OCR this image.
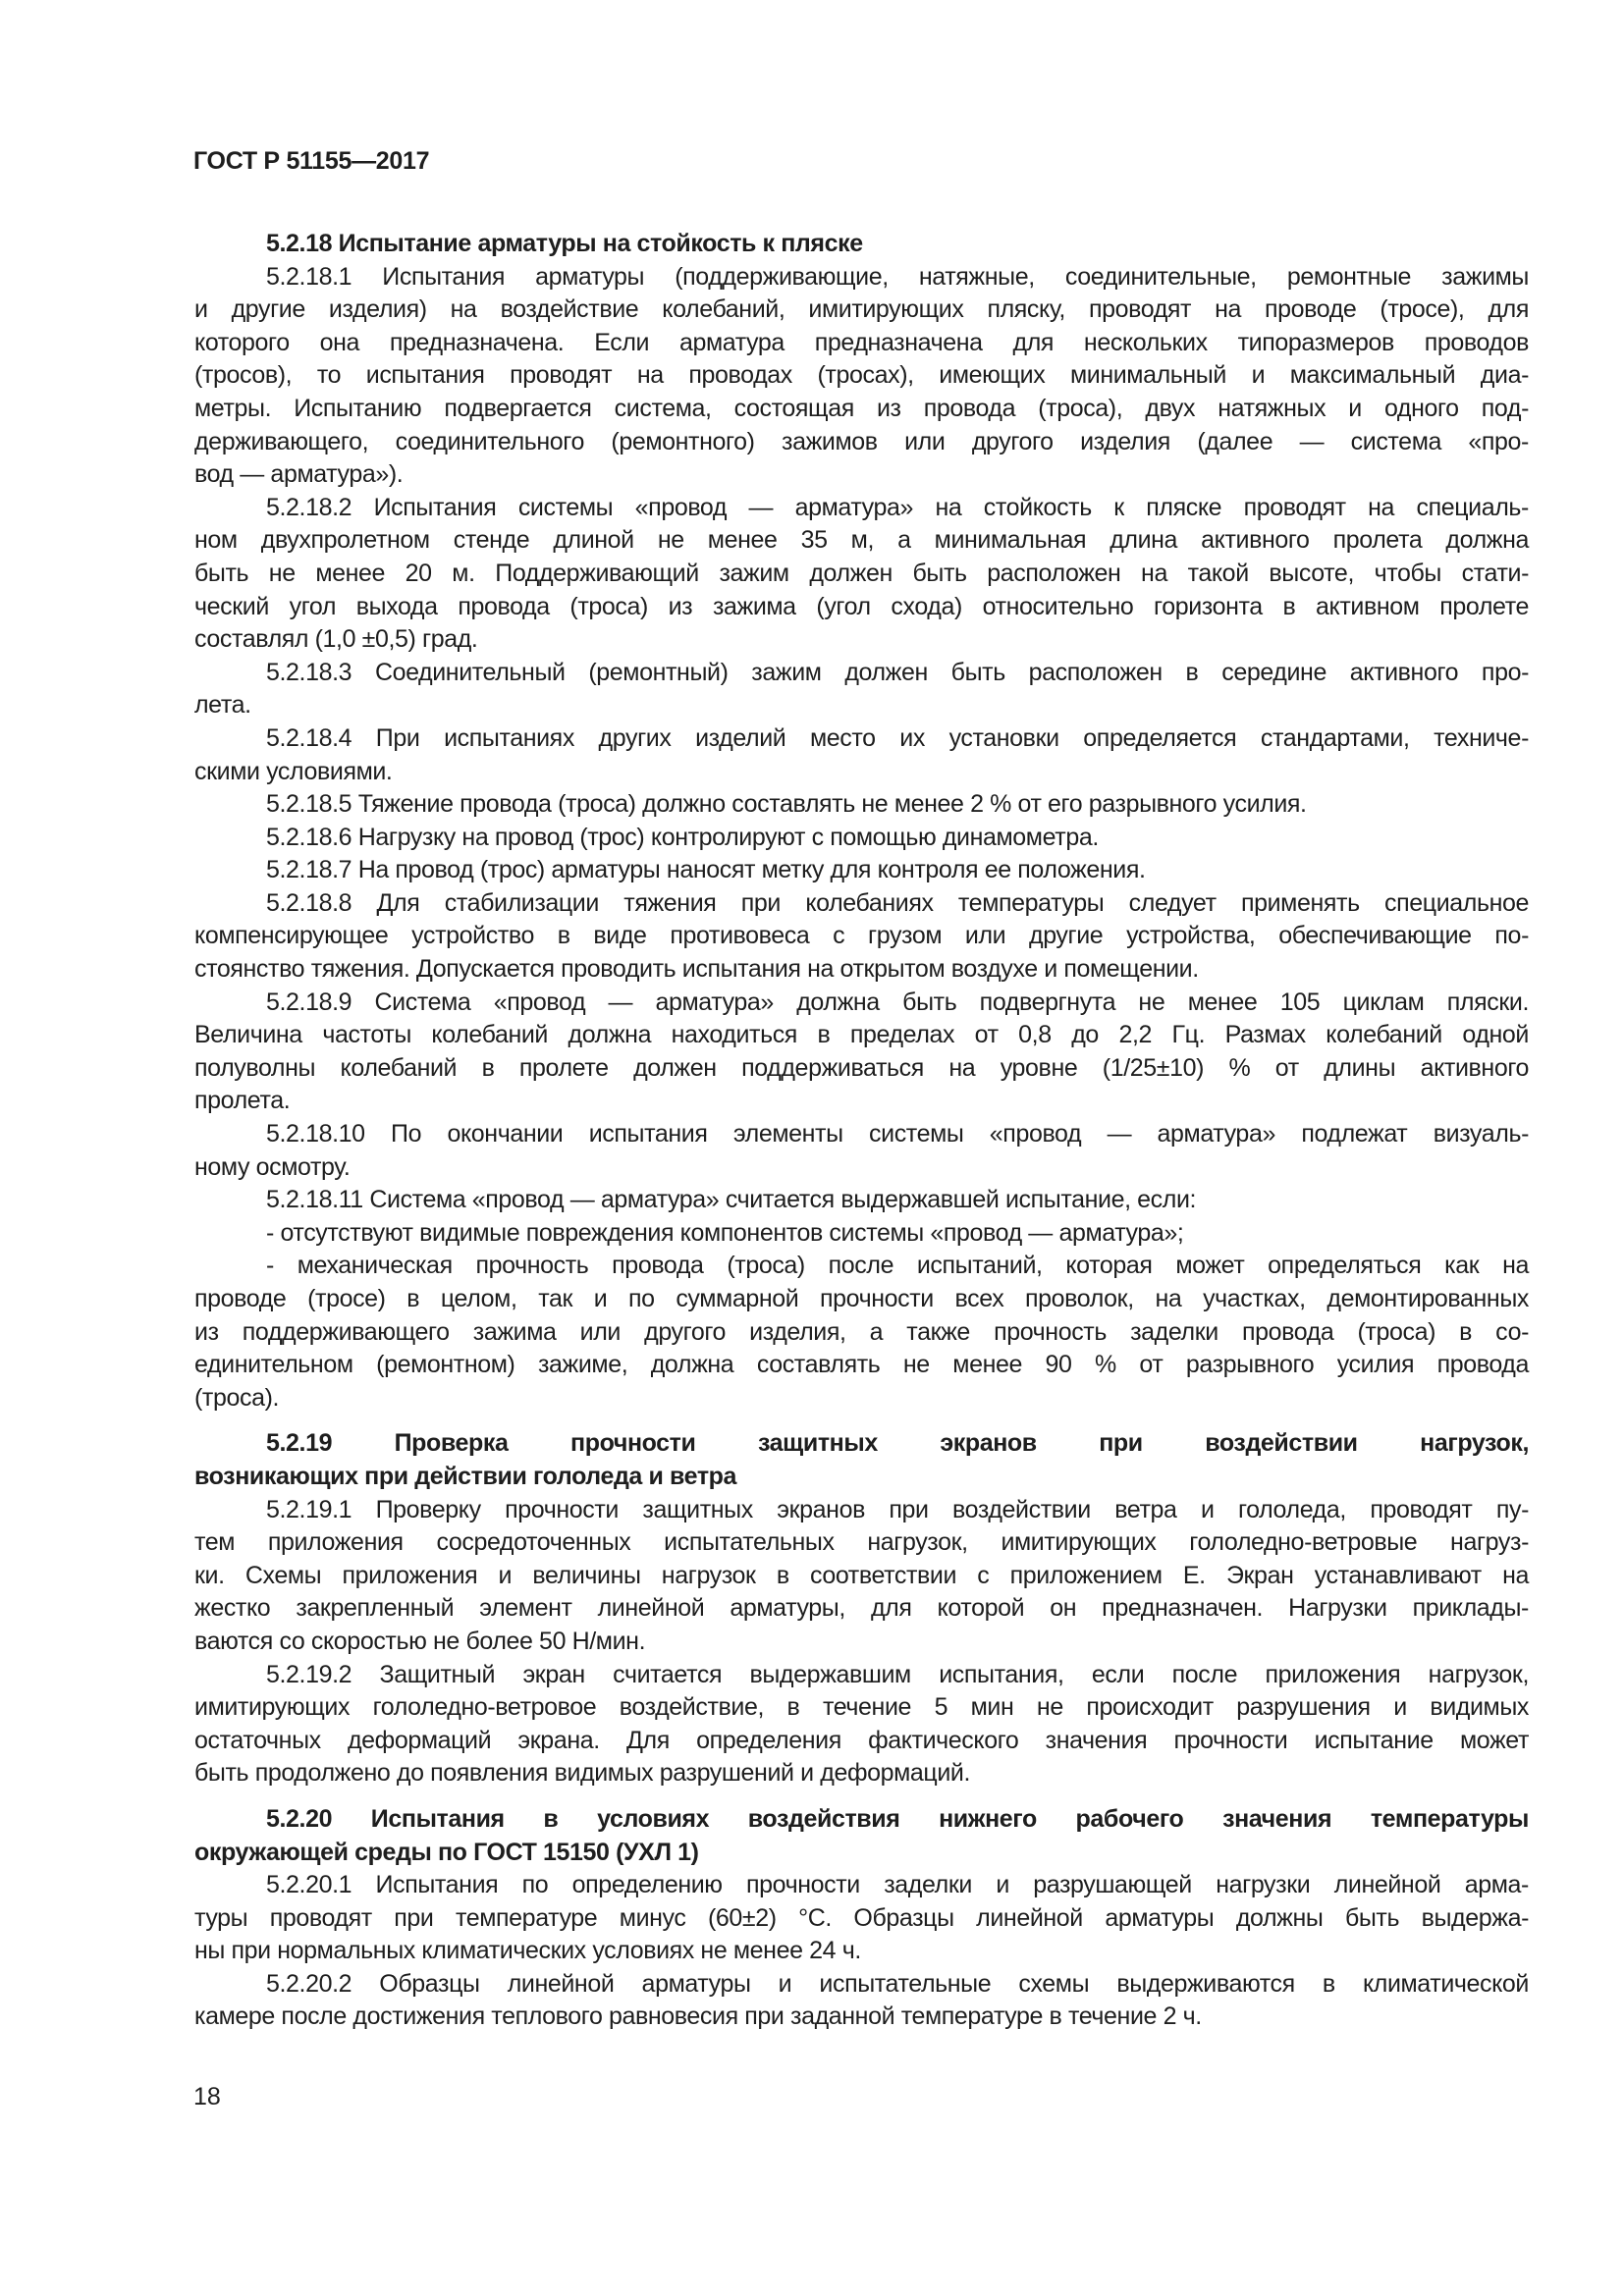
ГОСТ Р 51155—2017
5.2.18 Испытание арматуры на стойкость к пляске
5.2.18.1 Испытания арматуры (поддерживающие, натяжные, соединительные, ремонтные зажимы
и другие изделия) на воздействие колебаний, имитирующих пляску, проводят на проводе (тросе), для
которого она предназначена. Если арматура предназначена для нескольких типоразмеров проводов
(тросов), то испытания проводят на проводах (тросах), имеющих минимальный и максимальный диа-
метры. Испытанию подвергается система, состоящая из провода (троса), двух натяжных и одного под-
держивающего, соединительного (ремонтного) зажимов или другого изделия (далее — система «про-
вод — арматура»).
5.2.18.2 Испытания системы «провод — арматура» на стойкость к пляске проводят на специаль-
ном двухпролетном стенде длиной не менее 35 м, а минимальная длина активного пролета должна
быть не менее 20 м. Поддерживающий зажим должен быть расположен на такой высоте, чтобы стати-
ческий угол выхода провода (троса) из зажима (угол схода) относительно горизонта в активном пролете
составлял (1,0 ±0,5) град.
5.2.18.3 Соединительный (ремонтный) зажим должен быть расположен в середине активного про-
лета.
5.2.18.4 При испытаниях других изделий место их установки определяется стандартами, техниче-
скими условиями.
5.2.18.5 Тяжение провода (троса) должно составлять не менее 2 % от его разрывного усилия.
5.2.18.6 Нагрузку на провод (трос) контролируют с помощью динамометра.
5.2.18.7 На провод (трос) арматуры наносят метку для контроля ее положения.
5.2.18.8 Для стабилизации тяжения при колебаниях температуры следует применять специальное
компенсирующее устройство в виде противовеса с грузом или другие устройства, обеспечивающие по-
стоянство тяжения. Допускается проводить испытания на открытом воздухе и помещении.
5.2.18.9 Система «провод — арматура» должна быть подвергнута не менее 105 циклам пляски.
Величина частоты колебаний должна находиться в пределах от 0,8 до 2,2 Гц. Размах колебаний одной
полуволны колебаний в пролете должен поддерживаться на уровне (1/25±10) % от длины активного
пролета.
5.2.18.10 По окончании испытания элементы системы «провод — арматура» подлежат визуаль-
ному осмотру.
5.2.18.11 Система «провод — арматура» считается выдержавшей испытание, если:
- отсутствуют видимые повреждения компонентов системы «провод — арматура»;
- механическая прочность провода (троса) после испытаний, которая может определяться как на
проводе (тросе) в целом, так и по суммарной прочности всех проволок, на участках, демонтированных
из поддерживающего зажима или другого изделия, а также прочность заделки провода (троса) в со-
единительном (ремонтном) зажиме, должна составлять не менее 90 % от разрывного усилия провода
(троса).
5.2.19 Проверка прочности защитных экранов при воздействии нагрузок,
возникающих при действии гололеда и ветра
5.2.19.1 Проверку прочности защитных экранов при воздействии ветра и гололеда, проводят пу-
тем приложения сосредоточенных испытательных нагрузок, имитирующих гололедно-ветровые нагруз-
ки. Схемы приложения и величины нагрузок в соответствии с приложением Е. Экран устанавливают на
жестко закрепленный элемент линейной арматуры, для которой он предназначен. Нагрузки приклады-
ваются со скоростью не более 50 Н/мин.
5.2.19.2 Защитный экран считается выдержавшим испытания, если после приложения нагрузок,
имитирующих гололедно-ветровое воздействие, в течение 5 мин не происходит разрушения и видимых
остаточных деформаций экрана. Для определения фактического значения прочности испытание может
быть продолжено до появления видимых разрушений и деформаций.
5.2.20 Испытания в условиях воздействия нижнего рабочего значения температуры
окружающей среды по ГОСТ 15150 (УХЛ 1)
5.2.20.1 Испытания по определению прочности заделки и разрушающей нагрузки линейной арма-
туры проводят при температуре минус (60±2) °С. Образцы линейной арматуры должны быть выдержа-
ны при нормальных климатических условиях не менее 24 ч.
5.2.20.2 Образцы линейной арматуры и испытательные схемы выдерживаются в климатической
камере после достижения теплового равновесия при заданной температуре в течение 2 ч.
18
